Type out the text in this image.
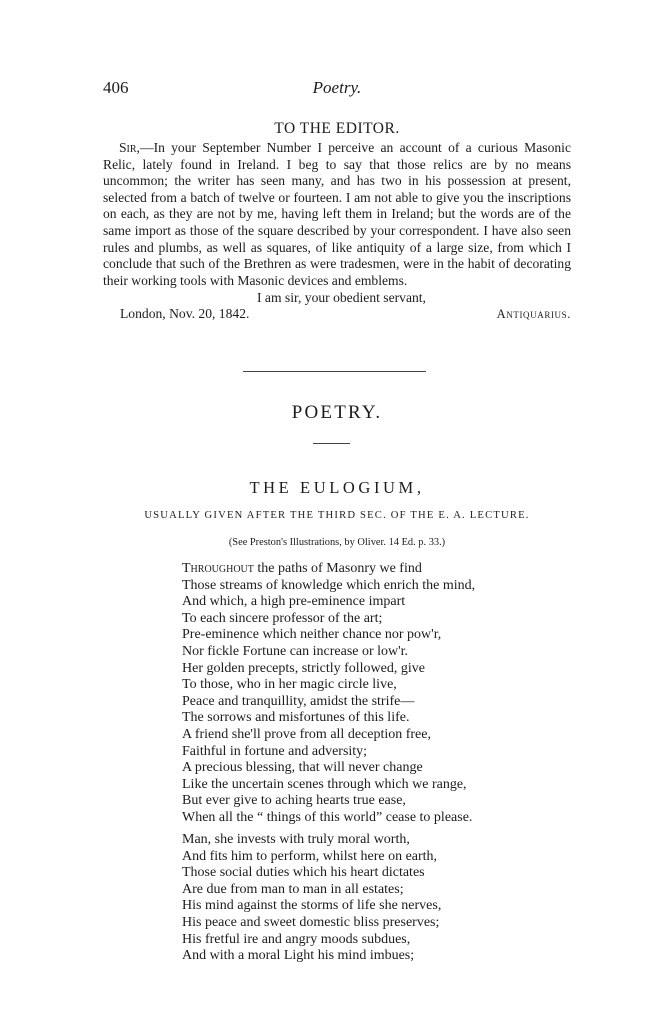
406	Poetry.
TO THE EDITOR.

Sir,—In your September Number I perceive an account of a curious Masonic Relic, lately found in Ireland. I beg to say that those relics are by no means uncommon; the writer has seen many, and has two in his possession at present, selected from a batch of twelve or fourteen. I am not able to give you the inscriptions on each, as they are not by me, having left them in Ireland; but the words are of the same import as those of the square described by your correspondent. I have also seen rules and plumbs, as well as squares, of like antiquity of a large size, from which I conclude that such of the Brethren as were tradesmen, were in the habit of decorating their working tools with Masonic devices and emblems.

I am sir, your obedient servant,
London, Nov. 20, 1842.	Antiquarius.
POETRY.
THE EULOGIUM,
USUALLY GIVEN AFTER THE THIRD SEC. OF THE E. A. LECTURE.
(See Preston's Illustrations, by Oliver. 14 Ed. p. 33.)
Throughout the paths of Masonry we find
Those streams of knowledge which enrich the mind,
And which, a high pre-eminence impart
To each sincere professor of the art;
Pre-eminence which neither chance nor pow'r,
Nor fickle Fortune can increase or low'r.
Her golden precepts, strictly followed, give
To those, who in her magic circle live,
Peace and tranquillity, amidst the strife—
The sorrows and misfortunes of this life.
A friend she'll prove from all deception free,
Faithful in fortune and adversity;
A precious blessing, that will never change
Like the uncertain scenes through which we range,
But ever give to aching hearts true ease,
When all the “ things of this world” cease to please.
Man, she invests with truly moral worth,
And fits him to perform, whilst here on earth,
Those social duties which his heart dictates
Are due from man to man in all estates;
His mind against the storms of life she nerves,
His peace and sweet domestic bliss preserves;
His fretful ire and angry moods subdues,
And with a moral Light his mind imbues;
